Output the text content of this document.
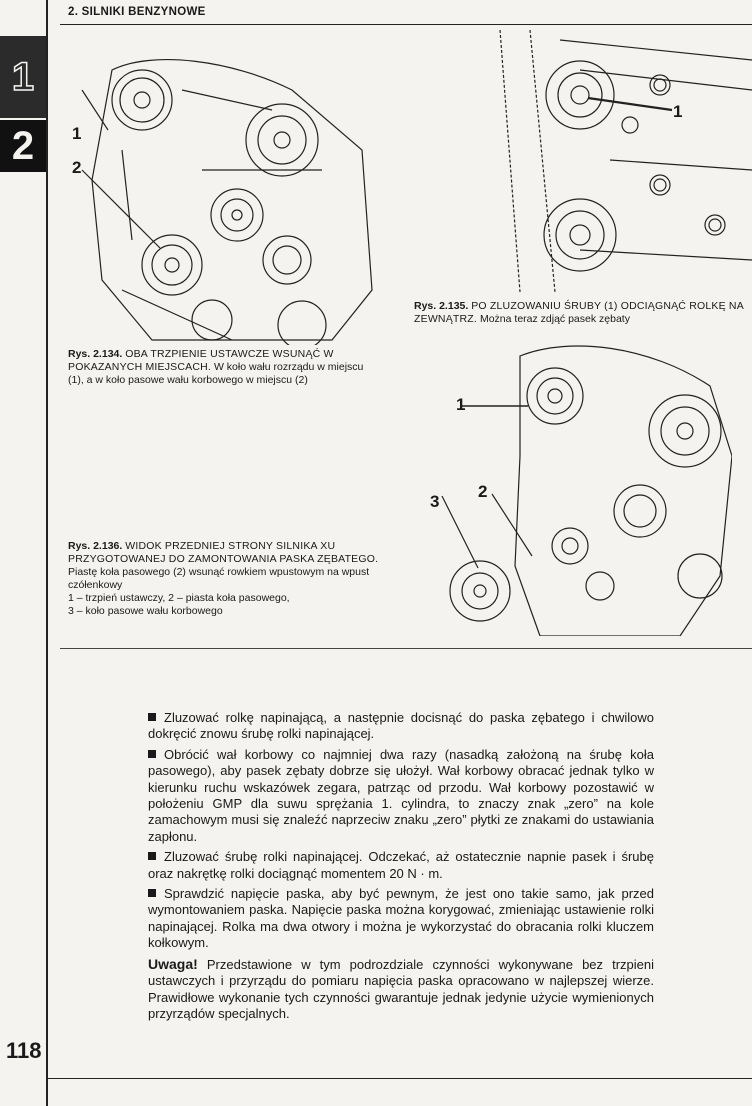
2. SILNIKI BENZYNOWE
1
2 1
2
Rys. 2.134. OBA TRZPIENIE USTAWCZE WSUNĄĆ W POKAZANYCH MIEJSCACH. W koło wału rozrządu w miejscu (1), a w koło pasowe wału korbowego w miejscu (2)
1
Rys. 2.135. PO ZLUZOWANIU ŚRUBY (1) ODCIĄGNĄĆ ROLKĘ NA ZEWNĄTRZ. Można teraz zdjąć pasek zębaty
1
2
3
Rys. 2.136. WIDOK PRZEDNIEJ STRONY SILNIKA XU PRZYGOTOWANEJ DO ZAMONTOWANIA PASKA ZĘBATEGO. Piastę koła pasowego (2) wsunąć rowkiem wpustowym na wpust czółenkowy
1 – trzpień ustawczy, 2 – piasta koła pasowego,
3 – koło pasowe wału korbowego

Zluzować rolkę napinającą, a następnie docisnąć do paska zębatego i chwilowo dokręcić znowu śrubę rolki napinającej.

Obrócić wał korbowy co najmniej dwa razy (nasadką założoną na śrubę koła pasowego), aby pasek zębaty dobrze się ułożył. Wał korbowy obracać jednak tylko w kierunku ruchu wskazówek zegara, patrząc od przodu. Wał korbowy pozostawić w położeniu GMP dla suwu sprężania 1. cylindra, to znaczy znak „zero” na kole zamachowym musi się znaleźć naprzeciw znaku „zero” płytki ze znakami do ustawiania zapłonu.

Zluzować śrubę rolki napinającej. Odczekać, aż ostatecznie napnie pasek i śrubę oraz nakrętkę rolki dociągnąć momentem 20 N · m.

Sprawdzić napięcie paska, aby być pewnym, że jest ono takie samo, jak przed wymontowaniem paska. Napięcie paska można korygować, zmieniając ustawienie rolki napinającej. Rolka ma dwa otwory i można je wykorzystać do obracania rolki kluczem kołkowym.

Uwaga! Przedstawione w tym podrozdziale czynności wykonywane bez trzpieni ustawczych i przyrządu do pomiaru napięcia paska opracowano w najlepszej wierze. Prawidłowe wykonanie tych czynności gwarantuje jednak jedynie użycie wymienionych przyrządów specjalnych.

118
